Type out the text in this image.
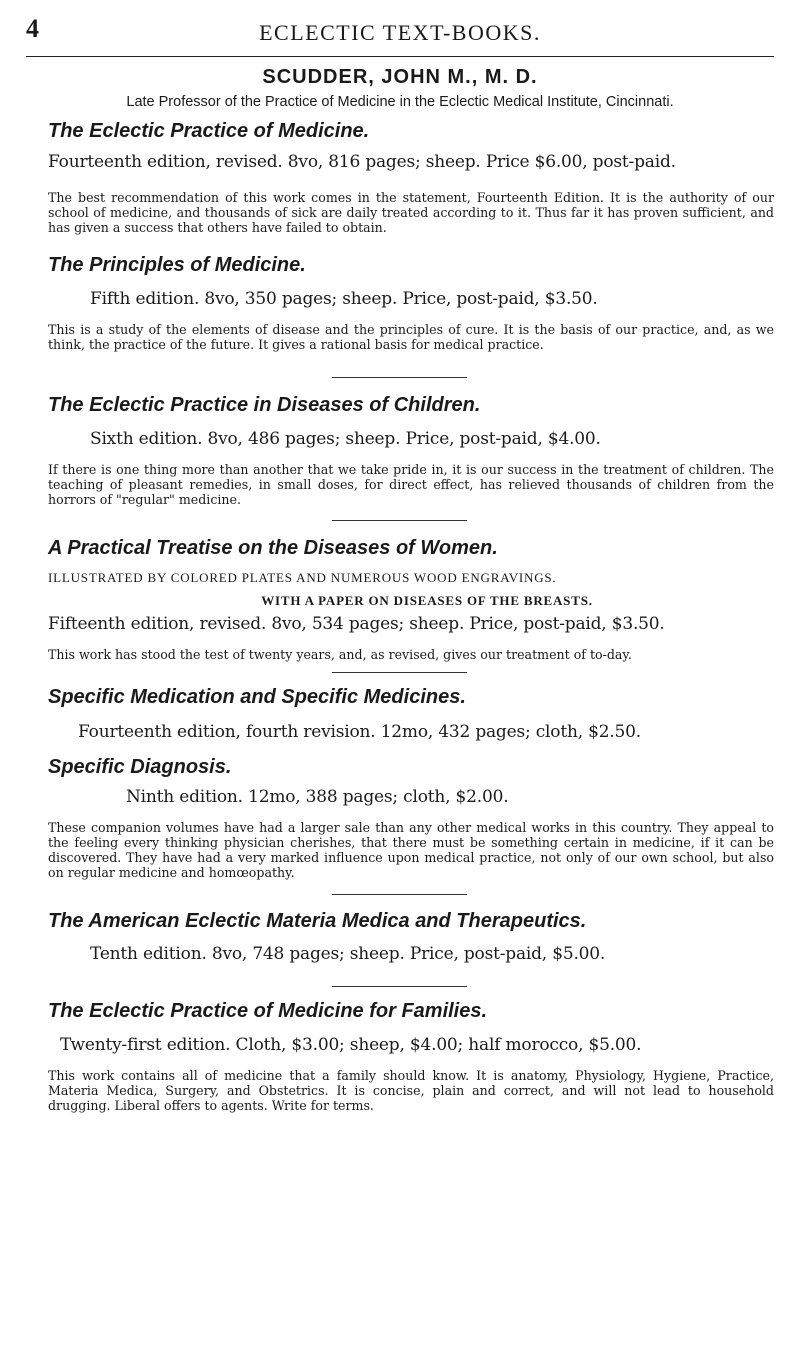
4	ECLECTIC TEXT-BOOKS.
SCUDDER, JOHN M., M. D.
Late Professor of the Practice of Medicine in the Eclectic Medical Institute, Cincinnati.
The Eclectic Practice of Medicine.
Fourteenth edition, revised. 8vo, 816 pages; sheep. Price $6.00, post-paid.
The best recommendation of this work comes in the statement, Fourteenth Edition. It is the authority of our school of medicine, and thousands of sick are daily treated according to it. Thus far it has proven sufficient, and has given a success that others have failed to obtain.
The Principles of Medicine.
Fifth edition. 8vo, 350 pages; sheep. Price, post-paid, $3.50.
This is a study of the elements of disease and the principles of cure. It is the basis of our practice, and, as we think, the practice of the future. It gives a rational basis for medical practice.
The Eclectic Practice in Diseases of Children.
Sixth edition. 8vo, 486 pages; sheep. Price, post-paid, $4.00.
If there is one thing more than another that we take pride in, it is our success in the treatment of children. The teaching of pleasant remedies, in small doses, for direct effect, has relieved thousands of children from the horrors of "regular" medicine.
A Practical Treatise on the Diseases of Women.
ILLUSTRATED BY COLORED PLATES AND NUMEROUS WOOD ENGRAVINGS.
WITH A PAPER ON DISEASES OF THE BREASTS.
Fifteenth edition, revised. 8vo, 534 pages; sheep. Price, post-paid, $3.50.
This work has stood the test of twenty years, and, as revised, gives our treatment of to-day.
Specific Medication and Specific Medicines.
Fourteenth edition, fourth revision. 12mo, 432 pages; cloth, $2.50.
Specific Diagnosis.
Ninth edition. 12mo, 388 pages; cloth, $2.00.
These companion volumes have had a larger sale than any other medical works in this country. They appeal to the feeling every thinking physician cherishes, that there must be something certain in medicine, if it can be discovered. They have had a very marked influence upon medical practice, not only of our own school, but also on regular medicine and homœopathy.
The American Eclectic Materia Medica and Therapeutics.
Tenth edition. 8vo, 748 pages; sheep. Price, post-paid, $5.00.
The Eclectic Practice of Medicine for Families.
Twenty-first edition. Cloth, $3.00; sheep, $4.00; half morocco, $5.00.
This work contains all of medicine that a family should know. It is anatomy, Physiology, Hygiene, Practice, Materia Medica, Surgery, and Obstetrics. It is concise, plain and correct, and will not lead to household drugging. Liberal offers to agents. Write for terms.
